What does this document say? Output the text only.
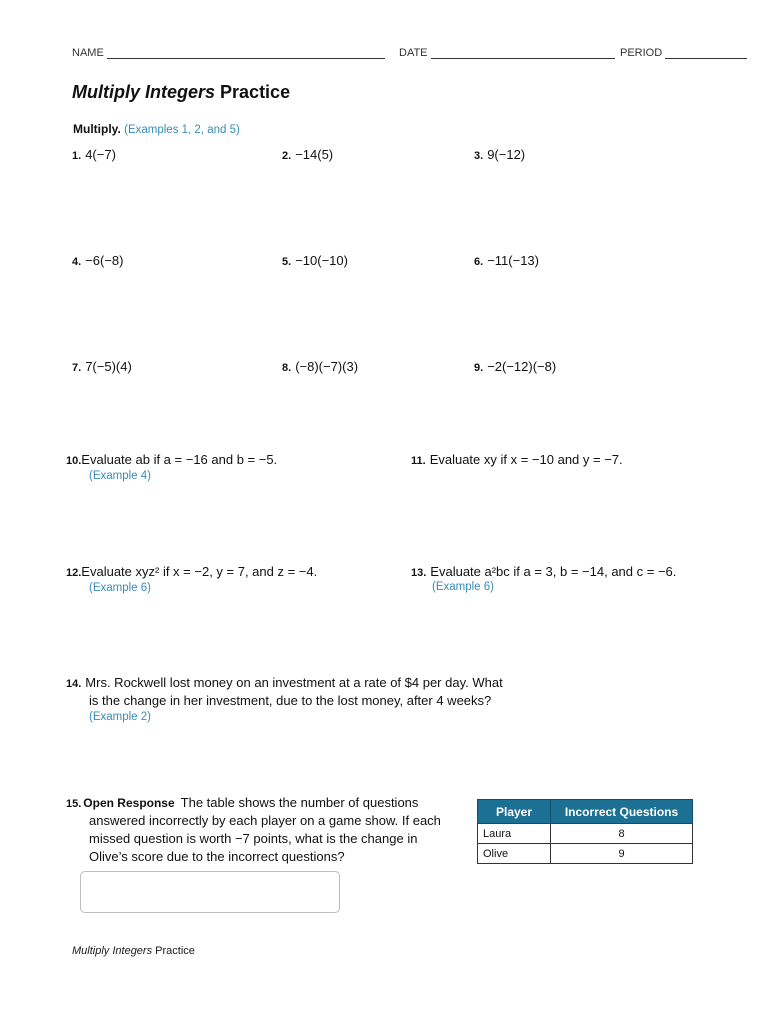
NAME	DATE	PERIOD
Multiply Integers Practice
Multiply. (Examples 1, 2, and 5)
1. 4(−7)	2. −14(5)	3. 9(−12)
4. −6(−8)	5. −10(−10)	6. −11(−13)
7. 7(−5)(4)	8. (−8)(−7)(3)	9. −2(−12)(−8)
10.Evaluate ab if a = −16 and b = −5.
(Example 4)
11. Evaluate xy if x = −10 and y = −7.
12.Evaluate xyz² if x = −2, y = 7, and z = −4.
(Example 6)
13. Evaluate a²bc if a = 3, b = −14, and c = −6.
(Example 6)
14. Mrs. Rockwell lost money on an investment at a rate of $4 per day. What
is the change in her investment, due to the lost money, after 4 weeks?
(Example 2)
15. Open Response The table shows the number of questions
answered incorrectly by each player on a game show. If each
missed question is worth −7 points, what is the change in
Olive’s score due to the incorrect questions?
Player	Incorrect Questions
Laura	8
Olive	9
Multiply Integers Practice
